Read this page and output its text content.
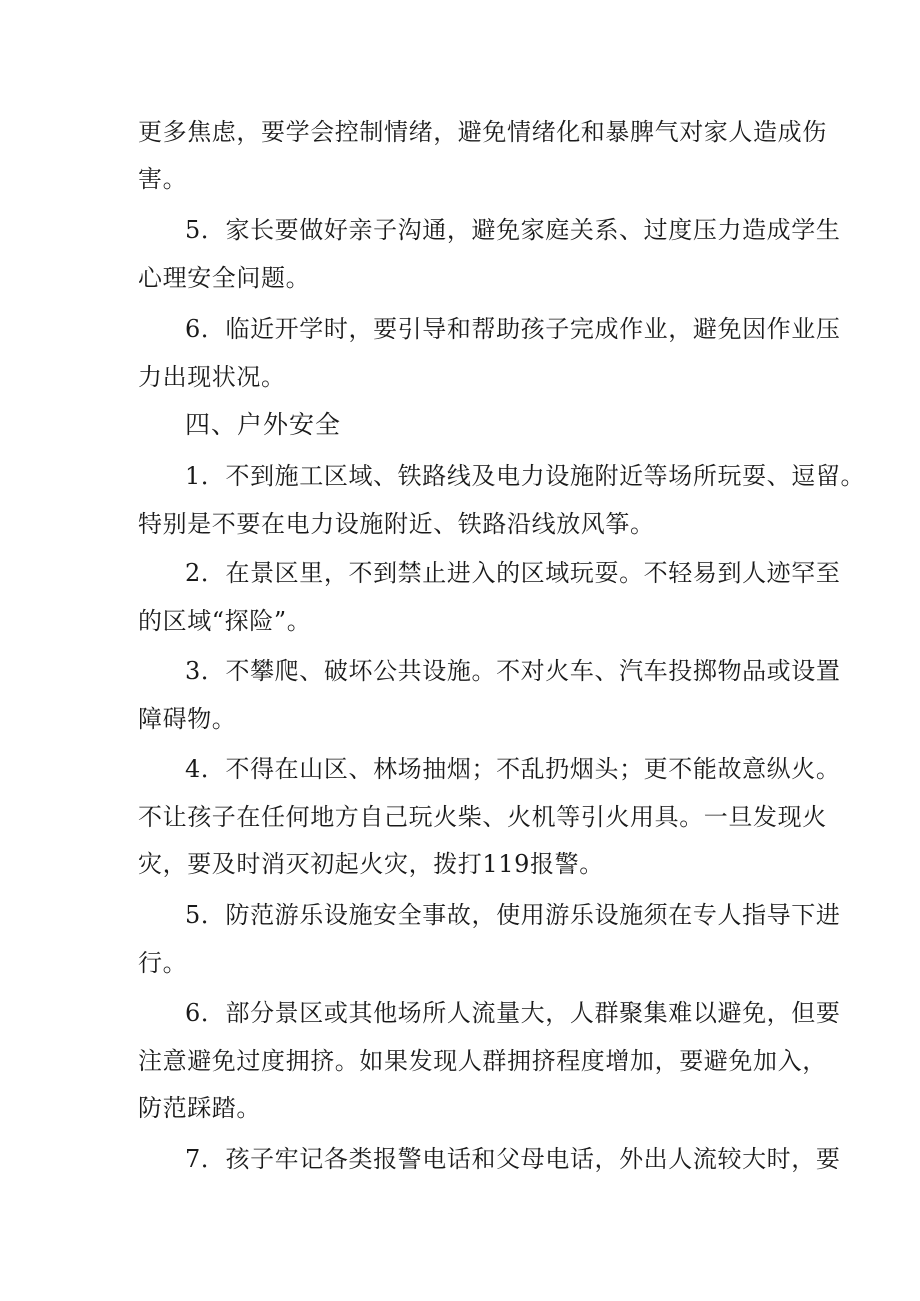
更多焦虑，要学会控制情绪，避免情绪化和暴脾气对家人造成伤
害。
5．家长要做好亲子沟通，避免家庭关系、过度压力造成学生
心理安全问题。
6．临近开学时，要引导和帮助孩子完成作业，避免因作业压
力出现状况。
四、户外安全
1．不到施工区域、铁路线及电力设施附近等场所玩耍、逗留。
特别是不要在电力设施附近、铁路沿线放风筝。
2．在景区里，不到禁止进入的区域玩耍。不轻易到人迹罕至
的区域“探险”。
3．不攀爬、破坏公共设施。不对火车、汽车投掷物品或设置
障碍物。
4．不得在山区、林场抽烟；不乱扔烟头；更不能故意纵火。
不让孩子在任何地方自己玩火柴、火机等引火用具。一旦发现火
灾，要及时消灭初起火灾，拨打119报警。
5．防范游乐设施安全事故，使用游乐设施须在专人指导下进
行。
6．部分景区或其他场所人流量大，人群聚集难以避免，但要
注意避免过度拥挤。如果发现人群拥挤程度增加，要避免加入，
防范踩踏。
7．孩子牢记各类报警电话和父母电话，外出人流较大时，要
